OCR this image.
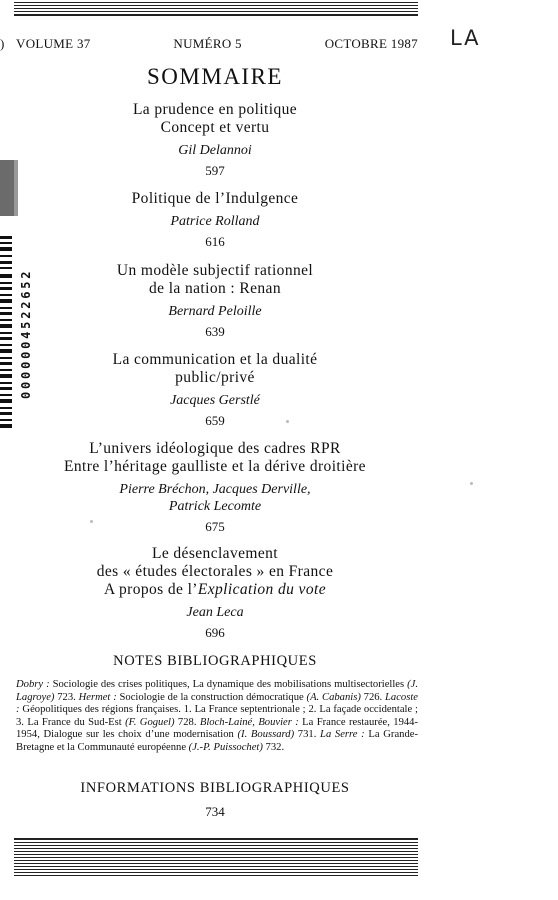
) VOLUME 37	NUMÉRO 5	OCTOBRE 1987 LA
SOMMAIRE
0000004522652
La prudence en politique
Concept et vertu
Gil Delannoi
597
Politique de l’Indulgence
Patrice Rolland
616
Un modèle subjectif rationnel
de la nation : Renan
Bernard Peloille
639
La communication et la dualité
public/privé
Jacques Gerstlé
659
L’univers idéologique des cadres RPR
Entre l’héritage gaulliste et la dérive droitière
Pierre Bréchon, Jacques Derville,
Patrick Lecomte
675
Le désenclavement
des « études électorales » en France
A propos de l’Explication du vote
Jean Leca
696
NOTES BIBLIOGRAPHIQUES
Dobry : Sociologie des crises politiques, La dynamique des mobilisations multisectorielles (J. Lagroye) 723. Hermet : Sociologie de la construction démocratique (A. Cabanis) 726. Lacoste : Géopolitiques des régions françaises. 1. La France septentrionale ; 2. La façade occidentale ; 3. La France du Sud-Est (F. Goguel) 728. Bloch-Lainé, Bouvier : La France restaurée, 1944-1954, Dialogue sur les choix d’une modernisation (I. Boussard) 731. La Serre : La Grande-Bretagne et la Communauté européenne (J.-P. Puissochet) 732.
INFORMATIONS BIBLIOGRAPHIQUES
734
